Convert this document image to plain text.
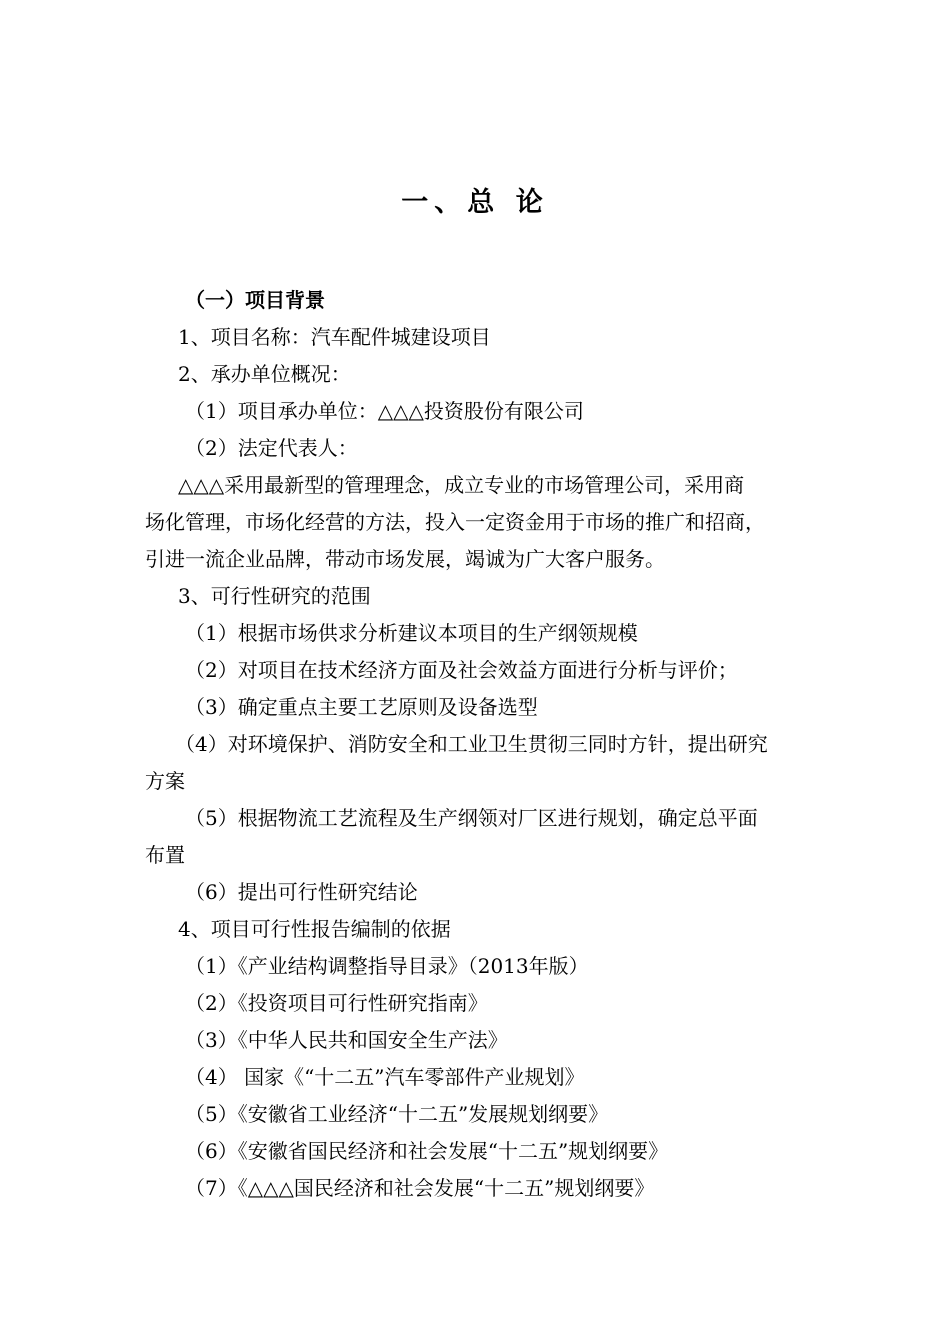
一、总 论
（一）项目背景
1、项目名称：汽车配件城建设项目
2、承办单位概况：
（1）项目承办单位：△△△投资股份有限公司
（2）法定代表人：
△△△采用最新型的管理理念，成立专业的市场管理公司，采用商
场化管理，市场化经营的方法，投入一定资金用于市场的推广和招商，
引进一流企业品牌，带动市场发展，竭诚为广大客户服务。
3、可行性研究的范围
（1）根据市场供求分析建议本项目的生产纲领规模
（2）对项目在技术经济方面及社会效益方面进行分析与评价；
（3）确定重点主要工艺原则及设备选型
（4）对环境保护、消防安全和工业卫生贯彻三同时方针，提出研究
方案
（5）根据物流工艺流程及生产纲领对厂区进行规划，确定总平面
布置
（6）提出可行性研究结论
4、项目可行性报告编制的依据
（1）《产业结构调整指导目录》（2013年版）
（2）《投资项目可行性研究指南》
（3）《中华人民共和国安全生产法》
（4） 国家《“十二五”汽车零部件产业规划》
（5）《安徽省工业经济“十二五”发展规划纲要》
（6）《安徽省国民经济和社会发展“十二五”规划纲要》
（7）《△△△国民经济和社会发展“十二五”规划纲要》
